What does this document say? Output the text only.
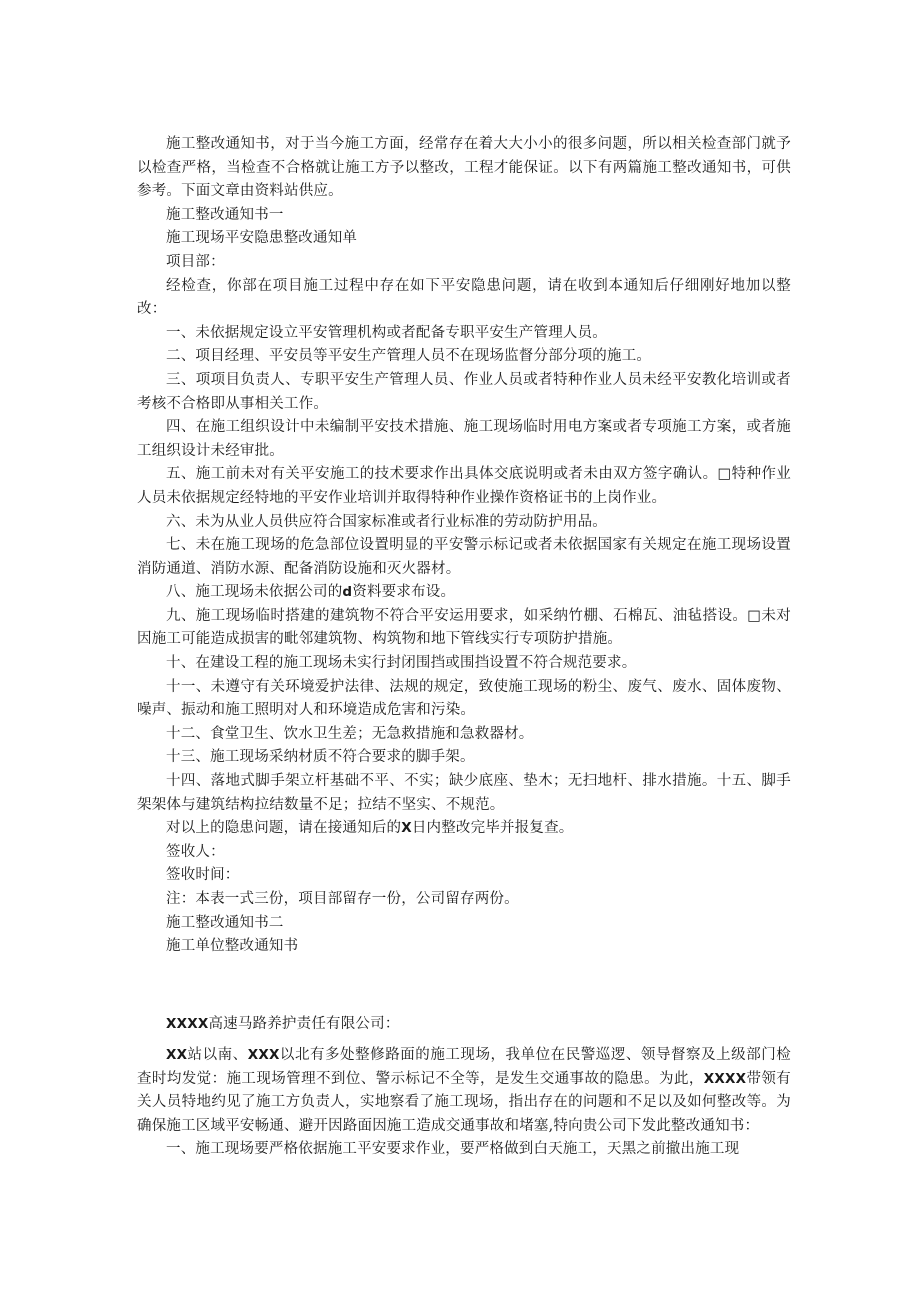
施工整改通知书，对于当今施工方面，经常存在着大大小小的很多问题，所以相关检查部门就予以检查严格，当检查不合格就让施工方予以整改，工程才能保证。以下有两篇施工整改通知书，可供参考。下面文章由资料站供应。

施工整改通知书一

施工现场平安隐患整改通知单

项目部：

经检查，你部在项目施工过程中存在如下平安隐患问题，请在收到本通知后仔细刚好地加以整改：

一、未依据规定设立平安管理机构或者配备专职平安生产管理人员。

二、项目经理、平安员等平安生产管理人员不在现场监督分部分项的施工。

三、项项目负责人、专职平安生产管理人员、作业人员或者特种作业人员未经平安教化培训或者考核不合格即从事相关工作。

四、在施工组织设计中未编制平安技术措施、施工现场临时用电方案或者专项施工方案，或者施工组织设计未经审批。

五、施工前未对有关平安施工的技术要求作出具体交底说明或者未由双方签字确认。□特种作业人员未依据规定经特地的平安作业培训并取得特种作业操作资格证书的上岗作业。

六、未为从业人员供应符合国家标准或者行业标准的劳动防护用品。

七、未在施工现场的危急部位设置明显的平安警示标记或者未依据国家有关规定在施工现场设置消防通道、消防水源、配备消防设施和灭火器材。

八、施工现场未依据公司的d资料要求布设。

九、施工现场临时搭建的建筑物不符合平安运用要求，如采纳竹棚、石棉瓦、油毡搭设。□未对因施工可能造成损害的毗邻建筑物、构筑物和地下管线实行专项防护措施。

十、在建设工程的施工现场未实行封闭围挡或围挡设置不符合规范要求。

十一、未遵守有关环境爱护法律、法规的规定，致使施工现场的粉尘、废气、废水、固体废物、噪声、振动和施工照明对人和环境造成危害和污染。

十二、食堂卫生、饮水卫生差；无急救措施和急救器材。

十三、施工现场采纳材质不符合要求的脚手架。

十四、落地式脚手架立杆基础不平、不实；缺少底座、垫木；无扫地杆、排水措施。十五、脚手架架体与建筑结构拉结数量不足；拉结不坚实、不规范。

对以上的隐患问题，请在接通知后的X日内整改完毕并报复查。

签收人：

签收时间：

注：本表一式三份，项目部留存一份，公司留存两份。

施工整改通知书二

施工单位整改通知书

XXXX高速马路养护责任有限公司：

XX站以南、XXX以北有多处整修路面的施工现场，我单位在民警巡逻、领导督察及上级部门检查时均发觉：施工现场管理不到位、警示标记不全等，是发生交通事故的隐患。为此，XXXX带领有关人员特地约见了施工方负责人，实地察看了施工现场，指出存在的问题和不足以及如何整改等。为确保施工区域平安畅通、避开因路面因施工造成交通事故和堵塞,特向贵公司下发此整改通知书：

一、施工现场要严格依据施工平安要求作业，要严格做到白天施工，天黑之前撤出施工现
